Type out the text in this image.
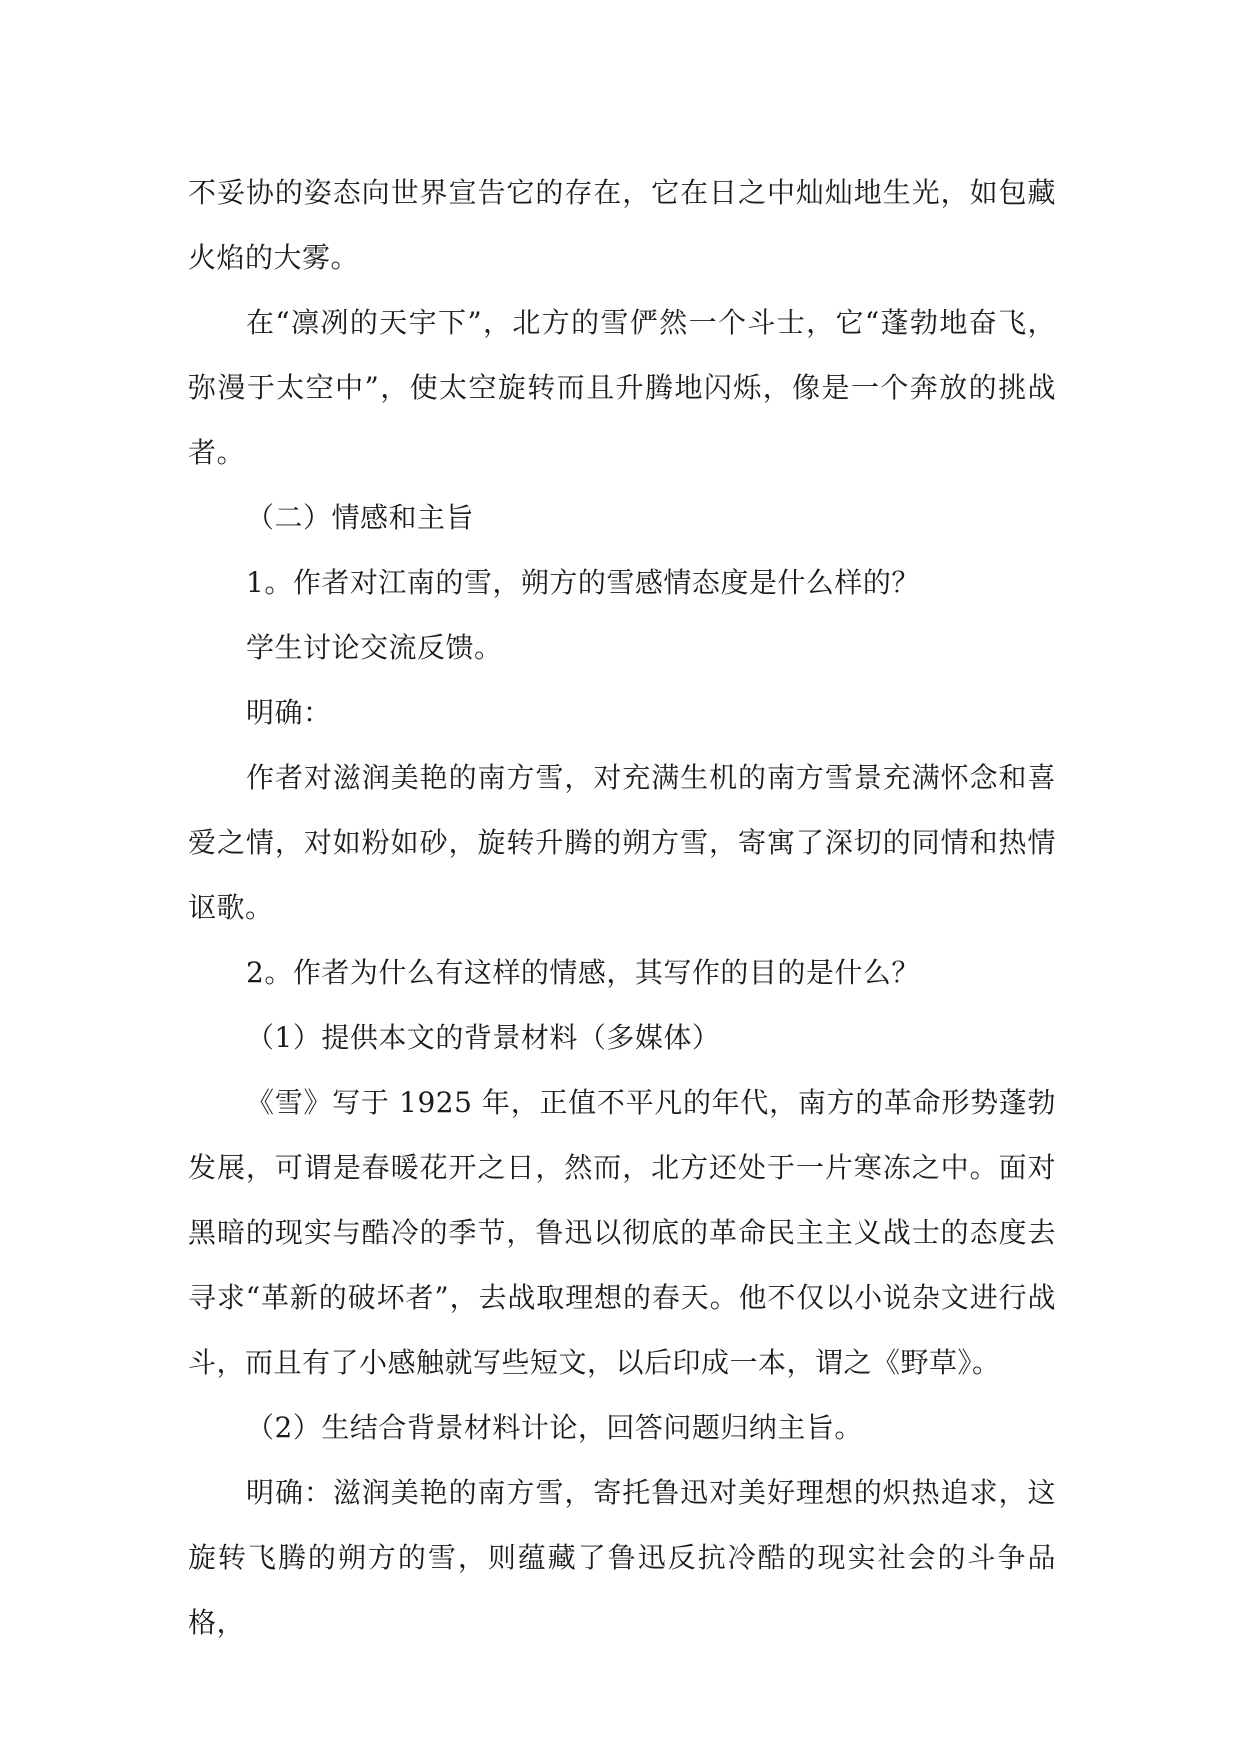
不妥协的姿态向世界宣告它的存在，它在日之中灿灿地生光，如包藏火焰的大雾。

在“凛冽的天宇下”，北方的雪俨然一个斗士，它“蓬勃地奋飞，弥漫于太空中”，使太空旋转而且升腾地闪烁，像是一个奔放的挑战者。

（二）情感和主旨

1。作者对江南的雪，朔方的雪感情态度是什么样的？

学生讨论交流反馈。

明确：

作者对滋润美艳的南方雪，对充满生机的南方雪景充满怀念和喜爱之情，对如粉如砂，旋转升腾的朔方雪，寄寓了深切的同情和热情讴歌。

2。作者为什么有这样的情感，其写作的目的是什么？

（1）提供本文的背景材料（多媒体）

《雪》写于 1925 年，正值不平凡的年代，南方的革命形势蓬勃发展，可谓是春暖花开之日，然而，北方还处于一片寒冻之中。面对黑暗的现实与酷冷的季节，鲁迅以彻底的革命民主主义战士的态度去寻求“革新的破坏者”，去战取理想的春天。他不仅以小说杂文进行战斗，而且有了小感触就写些短文，以后印成一本，谓之《野草》。

（2）生结合背景材料计论，回答问题归纳主旨。

明确：滋润美艳的南方雪，寄托鲁迅对美好理想的炽热追求，这旋转飞腾的朔方的雪，则蕴藏了鲁迅反抗冷酷的现实社会的斗争品格，
